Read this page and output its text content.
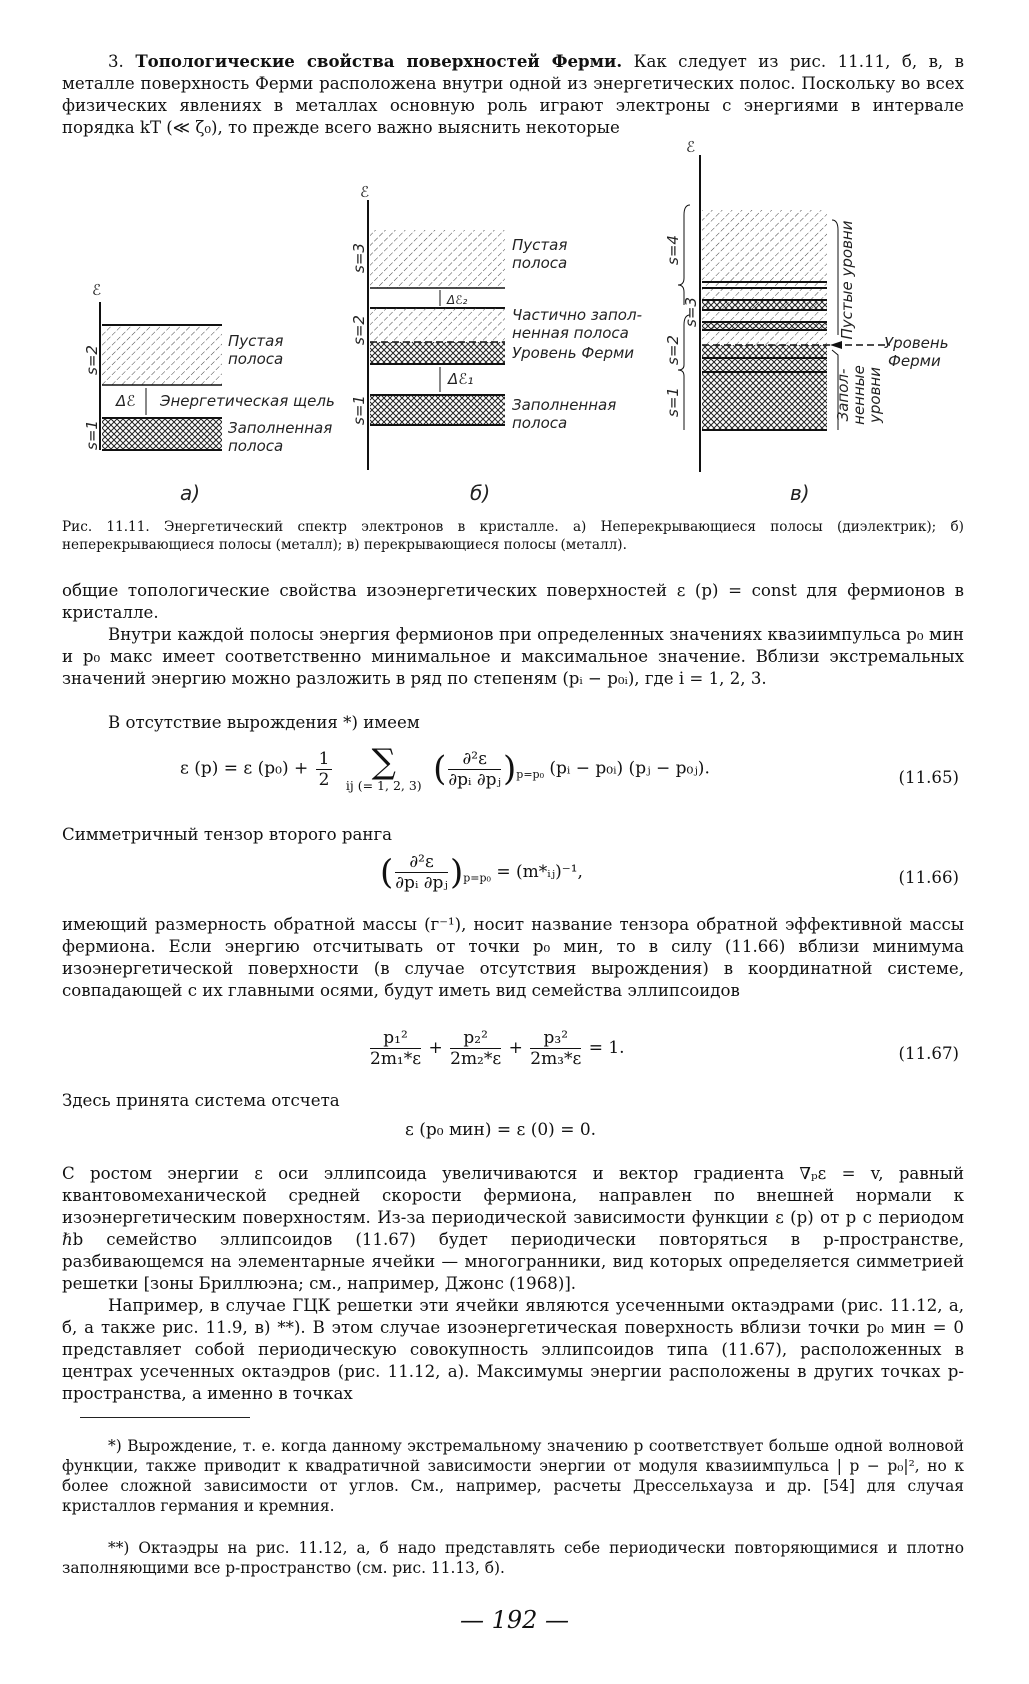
3. Топологические свойства поверхностей Ферми. Как следует из рис. 11.11, б, в, в металле поверхность Ферми расположена внутри одной из энергетических полос. Поскольку во всех физических явлениях в металлах основную роль играют электроны с энергиями в интервале порядка kT (≪ ζ₀), то прежде всего важно выяснить некоторые
ℰ
s=2
s=1
Пустая
полоса
Δℰ Энергетическая щель
Заполненная
полоса
а)
ℰ
s=3
s=2
s=1
Пустая
полоса
Δℰ₂
Частично запол-
ненная полоса
Уровень Ферми
Δℰ₁
Заполненная
полоса
б)
ℰ
s=4
s=3
s=2
s=1
Пустые уровни
Уровень
Ферми
Запол-
ненные
уровни
в)
Рис. 11.11. Энергетический спектр электронов в кристалле. а) Неперекрывающиеся полосы (диэлектрик); б) неперекрывающиеся полосы (металл); в) перекрывающиеся полосы (металл).
общие топологические свойства изоэнергетических поверхностей ε (p) = const для фермионов в кристалле.
Внутри каждой полосы энергия фермионов при определенных значениях квазиимпульса p₀ мин и p₀ макс имеет соответственно минимальное и максимальное значение. Вблизи экстремальных значений энергию можно разложить в ряд по степеням (pᵢ − p₀ᵢ), где i = 1, 2, 3.
В отсутствие вырождения *) имеем
ε (p) = ε $(p_0) + \frac{1}{2}$
	∑
ij (= 1, 2, 3) ( $\frac{\text{∂²ε}}{\text{∂pᵢ ∂pⱼ}} )_{p=p_0}$ (pᵢ − p₀ᵢ) (pⱼ − p₀ⱼ).	(11.65)
Симметричный тензор второго ранга
( $\frac{\text{∂²ε}}{\text{∂pᵢ ∂pⱼ}} )_{p=p_0}$ = (m*ᵢⱼ)⁻¹,	(11.66)
имеющий размерность обратной массы (г⁻¹), носит название тензора обратной эффективной массы фермиона. Если энергию отсчитывать от точки p₀ мин, то в силу (11.66) вблизи минимума изоэнергетической поверхности (в случае отсутствия вырождения) в координатной системе, совпадающей с их главными осями, будут иметь вид семейства эллипсоидов
$\frac{\text{p₁²}}{\text{2m₁*ε}} + \frac{\text{p₂²}}{\text{2m₂*ε}} + \frac{\text{p₃²}}{\text{2m₃*ε}} = 1$.	(11.67)
Здесь принята система отсчета
ε (p₀ мин) = ε (0) = 0.
С ростом энергии ε оси эллипсоида увеличиваются и вектор градиента ∇ₚε = v, равный квантовомеханической средней скорости фермиона, направлен по внешней нормали к изоэнергетическим поверхностям. Из-за периодической зависимости функции ε (p) от p с периодом ℏb семейство эллипсоидов (11.67) будет периодически повторяться в p-пространстве, разбивающемся на элементарные ячейки — многогранники, вид которых определяется симметрией решетки [зоны Бриллюэна; см., например, Джонс (1968)].
Например, в случае ГЦК решетки эти ячейки являются усеченными октаэдрами (рис. 11.12, а, б, а также рис. 11.9, в) **). В этом случае изоэнергетическая поверхность вблизи точки p₀ мин = 0 представляет собой периодическую совокупность эллипсоидов типа (11.67), расположенных в центрах усеченных октаэдров (рис. 11.12, а). Максимумы энергии расположены в других точках p-пространства, а именно в точках
*) Вырождение, т. е. когда данному экстремальному значению p соответствует больше одной волновой функции, также приводит к квадратичной зависимости энергии от модуля квазиимпульса | p − p₀|², но к более сложной зависимости от углов. См., например, расчеты Дрессельхауза и др. [54] для случая кристаллов германия и кремния.
**) Октаэдры на рис. 11.12, а, б надо представлять себе периодически повторяющимися и плотно заполняющими все p-пространство (см. рис. 11.13, б).
— 192 —
